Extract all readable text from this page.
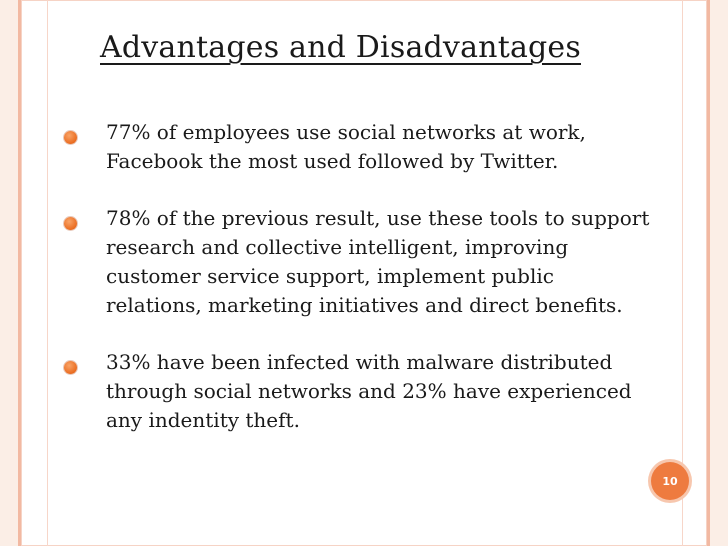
Advantages and Disadvantages
77% of employees use social networks at work,
Facebook the most used followed by Twitter.
78% of the previous result, use these tools to support
research and collective intelligent, improving
customer service support, implement public
relations, marketing initiatives and direct benefits.
33% have been infected with malware distributed
through social networks and 23% have experienced
any indentity theft.
10
